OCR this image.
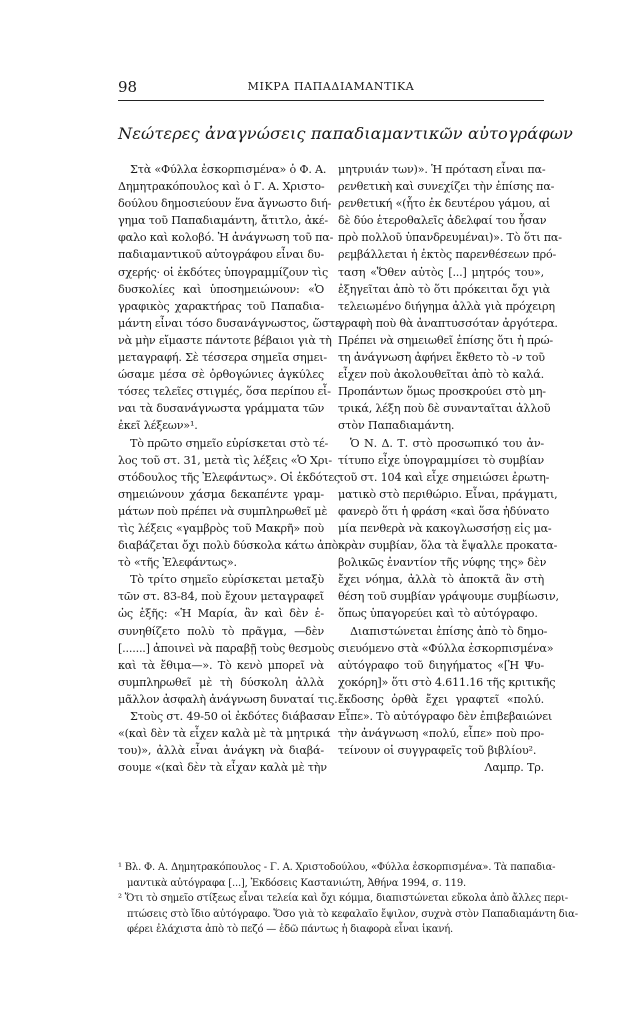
98	ΜΙΚΡΑ ΠΑΠΑΔΙΑΜΑΝΤΙΚΑ
Νεώτερες ἀναγνώσεις παπαδιαμαντικῶν αὐτογράφων
Στὰ «Φύλλα ἐσκορπισμένα» ὁ Φ. Α.
Δημητρακόπουλος καὶ ὁ Γ. Α. Χριστο-
δούλου δημοσιεύουν ἕνα ἄγνωστο διή-
γημα τοῦ Παπαδιαμάντη, ἄτιτλο, ἀκέ-
φαλο καὶ κολοβό. Ἡ ἀνάγνωση τοῦ πα-
παδιαμαντικοῦ αὐτογράφου εἶναι δυ-
σχερής· οἱ ἐκδότες ὑπογραμμίζουν τὶς
δυσκολίες καὶ ὑποσημειώνουν: «Ὁ
γραφικὸς χαρακτήρας τοῦ Παπαδια-
μάντη εἶναι τόσο δυσανάγνωστος, ὥστε
νὰ μὴν εἴμαστε πάντοτε βέβαιοι γιὰ τὴ
μεταγραφή. Σὲ τέσσερα σημεῖα σημει-
ώσαμε μέσα σὲ ὀρθογώνιες ἀγκύλες
τόσες τελεῖες στιγμές, ὅσα περίπου εἶ-
ναι τὰ δυσανάγνωστα γράμματα τῶν
ἐκεῖ λέξεων»¹.
Τὸ πρῶτο σημεῖο εὑρίσκεται στὸ τέ-
λος τοῦ στ. 31, μετὰ τὶς λέξεις «Ὁ Χρι-
στόδουλος τῆς Ἐλεφάντως». Οἱ ἐκδότες
σημειώνουν χάσμα δεκαπέντε γραμ-
μάτων ποὺ πρέπει νὰ συμπληρωθεῖ μὲ
τὶς λέξεις «γαμβρὸς τοῦ Μακρῆ» ποὺ
διαβάζεται ὄχι πολὺ δύσκολα κάτω ἀπὸ
τὸ «τῆς Ἐλεφάντως».
Τὸ τρίτο σημεῖο εὑρίσκεται μεταξὺ
τῶν στ. 83-84, ποὺ ἔχουν μεταγραφεῖ
ὡς ἑξῆς: «Ἡ Μαρία, ἂν καὶ δὲν ἐ-
συνηθίζετο πολὺ τὸ πρᾶγμα, —δὲν
[.......] ἀποινεὶ νὰ παραβῇ τοὺς θεσμοὺς
καὶ τὰ ἔθιμα—». Τὸ κενὸ μπορεῖ νὰ
συμπληρωθεῖ μὲ τὴ δύσκολη ἀλλὰ
μᾶλλον ἀσφαλὴ ἀνάγνωση δυναταί τις.
Στοὺς στ. 49-50 οἱ ἐκδότες διάβασαν
«(καὶ δὲν τὰ εἶχεν καλὰ μὲ τὰ μητρικά
του)», ἀλλὰ εἶναι ἀνάγκη νὰ διαβά-
σουμε «(καὶ δὲν τὰ εἶχαν καλὰ μὲ τὴν
μητρυιάν των)». Ἡ πρόταση εἶναι πα-
ρενθετικὴ καὶ συνεχίζει τὴν ἐπίσης πα-
ρενθετική «(ἦτο ἐκ δευτέρου γάμου, αἱ
δὲ δύο ἑτεροθαλεῖς ἀδελφαί του ἦσαν
πρὸ πολλοῦ ὑπανδρευμέναι)». Τὸ ὅτι πα-
ρεμβάλλεται ἡ ἐκτὸς παρενθέσεων πρό-
ταση «Ὅθεν αὐτὸς [...] μητρός του»,
ἐξηγεῖται ἀπὸ τὸ ὅτι πρόκειται ὄχι γιὰ
τελειωμένο διήγημα ἀλλὰ γιὰ πρόχειρη
γραφὴ ποὺ θὰ ἀναπτυσσόταν ἀργότερα.
Πρέπει νὰ σημειωθεῖ ἐπίσης ὅτι ἡ πρώ-
τη ἀνάγνωση ἀφήνει ἔκθετο τὸ -ν τοῦ
εἶχεν ποὺ ἀκολουθεῖται ἀπὸ τὸ καλά.
Προπάντων ὅμως προσκρούει στὸ μη-
τρικά, λέξη ποὺ δὲ συνανταῖται ἀλλοῦ
στὸν Παπαδιαμάντη.
Ὁ Ν. Δ. Τ. στὸ προσωπικό του ἀν-
τίτυπο εἶχε ὑπογραμμίσει τὸ συμβίαν
τοῦ στ. 104 καὶ εἶχε σημειώσει ἐρωτη-
ματικὸ στὸ περιθώριο. Εἶναι, πράγματι,
φανερὸ ὅτι ἡ φράση «καὶ ὅσα ἠδύνατο
μία πενθερὰ νὰ κακογλωσσήσῃ εἰς μα-
κρὰν συμβίαν, ὅλα τὰ ἔψαλλε προκατα-
βολικῶς ἐναντίον τῆς νύφης της» δὲν
ἔχει νόημα, ἀλλὰ τὸ ἀποκτᾶ ἂν στὴ
θέση τοῦ συμβίαν γράψουμε συμβίωσιν,
ὅπως ὑπαγορεύει καὶ τὸ αὐτόγραφο.
Διαπιστώνεται ἐπίσης ἀπὸ τὸ δημο-
σιευόμενο στὰ «Φύλλα ἐσκορπισμένα»
αὐτόγραφο τοῦ διηγήματος «[Ἡ Ψυ-
χοκόρη]» ὅτι στὸ 4.611.16 τῆς κριτικῆς
ἔκδοσης ὀρθὰ ἔχει γραφτεῖ «πολύ.
Εἶπε». Τὸ αὐτόγραφο δὲν ἐπιβεβαιώνει
τὴν ἀνάγνωση «πολύ, εἶπε» ποὺ προ-
τείνουν οἱ συγγραφεῖς τοῦ βιβλίου².
Λαμπρ. Τρ.
¹ Βλ. Φ. Α. Δημητρακόπουλος - Γ. Α. Χριστοδούλου, «Φύλλα ἐσκορπισμένα». Τὰ παπαδια-
μαντικὰ αὐτόγραφα [...], Ἐκδόσεις Καστανιώτη, Ἀθήνα 1994, σ. 119.
² Ὅτι τὸ σημεῖο στίξεως εἶναι τελεία καὶ ὄχι κόμμα, διαπιστώνεται εὔκολα ἀπὸ ἄλλες περι-
πτώσεις στὸ ἴδιο αὐτόγραφο. Ὅσο γιὰ τὸ κεφαλαῖο ἔψιλον, συχνὰ στὸν Παπαδιαμάντη δια-
φέρει ἐλάχιστα ἀπὸ τὸ πεζό — ἐδῶ πάντως ἡ διαφορὰ εἶναι ἱκανή.
